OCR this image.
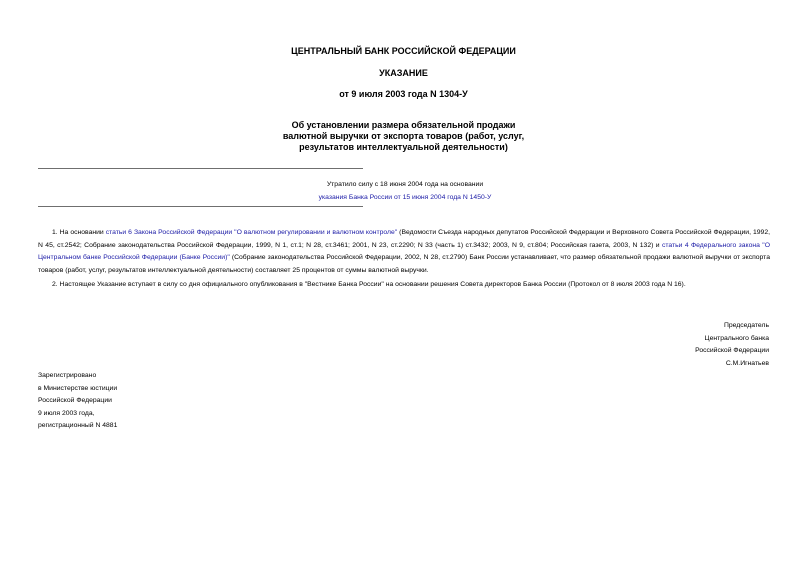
ЦЕНТРАЛЬНЫЙ БАНК РОССИЙСКОЙ ФЕДЕРАЦИИ
УКАЗАНИЕ
от 9 июля 2003 года N 1304-У
Об установлении размера обязательной продажи
валютной выручки от экспорта товаров (работ, услуг,
результатов интеллектуальной деятельности)
Утратило силу с 18 июня 2004 года на основании
указания Банка России от 15 июня 2004 года N 1450-У
1. На основании статьи 6 Закона Российской Федерации "О валютном регулировании и валютном контроле" (Ведомости Съезда народных депутатов Российской Федерации и Верховного Совета Российской Федерации, 1992, N 45, ст.2542; Собрание законодательства Российской Федерации, 1999, N 1, ст.1; N 28, ст.3461; 2001, N 23, ст.2290; N 33 (часть 1) ст.3432; 2003, N 9, ст.804; Российская газета, 2003, N 132) и статьи 4 Федерального закона "О Центральном банке Российской Федерации (Банке России)" (Собрание законодательства Российской Федерации, 2002, N 28, ст.2790) Банк России устанавливает, что размер обязательной продажи валютной выручки от экспорта товаров (работ, услуг, результатов интеллектуальной деятельности) составляет 25 процентов от суммы валютной выручки.
2. Настоящее Указание вступает в силу со дня официального опубликования в "Вестнике Банка России" на основании решения Совета директоров Банка России (Протокол от 8 июля 2003 года N 16).
Председатель
Центрального банка
Российской Федерации
С.М.Игнатьев
Зарегистрировано
в Министерстве юстиции
Российской Федерации
9 июля 2003 года,
регистрационный N 4881
